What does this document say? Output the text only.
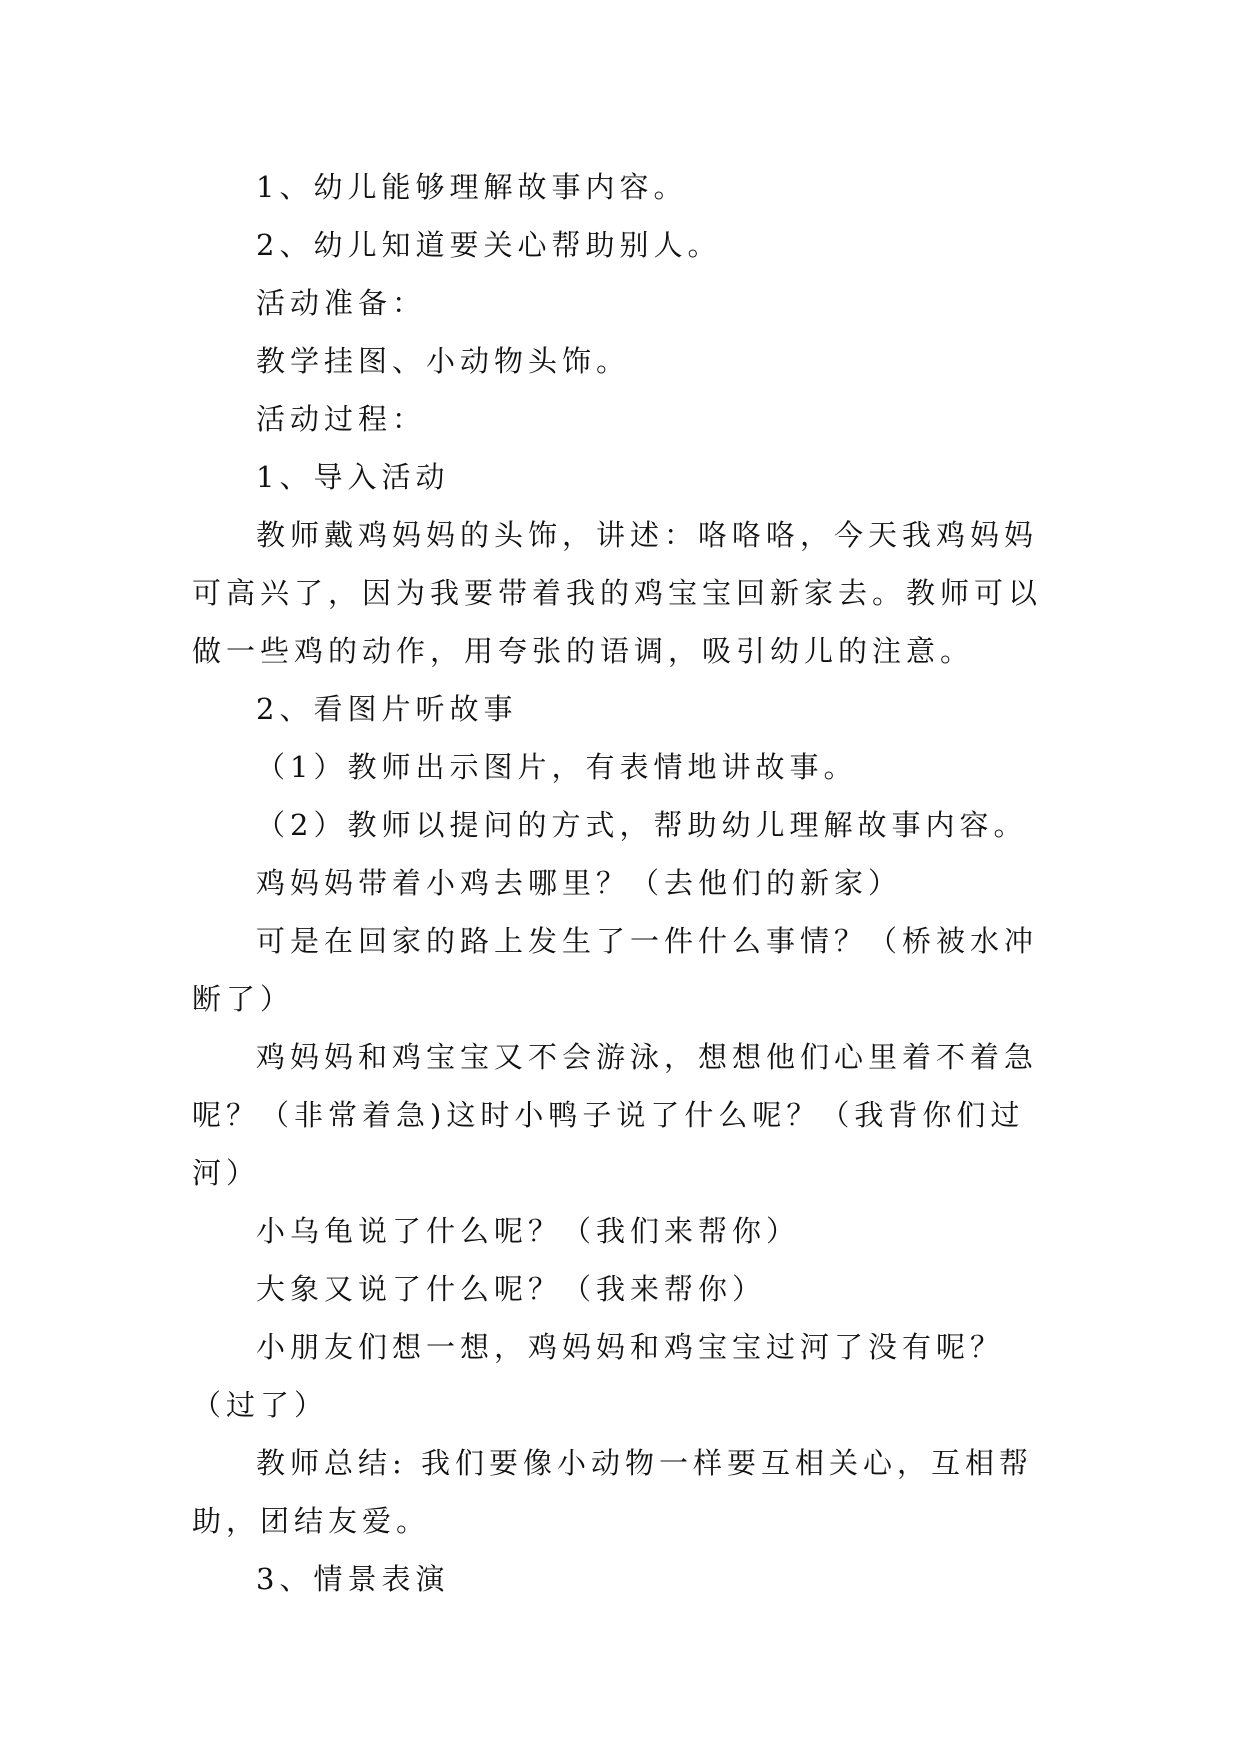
1、幼儿能够理解故事内容。

2、幼儿知道要关心帮助别人。

活动准备：

教学挂图、小动物头饰。

活动过程：

1、导入活动

教师戴鸡妈妈的头饰，讲述：咯咯咯，今天我鸡妈妈可高兴了，因为我要带着我的鸡宝宝回新家去。教师可以做一些鸡的动作，用夸张的语调，吸引幼儿的注意。

2、看图片听故事

（1）教师出示图片，有表情地讲故事。

（2）教师以提问的方式，帮助幼儿理解故事内容。

鸡妈妈带着小鸡去哪里？（去他们的新家）

可是在回家的路上发生了一件什么事情？（桥被水冲断了）

鸡妈妈和鸡宝宝又不会游泳，想想他们心里着不着急呢？（非常着急)这时小鸭子说了什么呢？（我背你们过河）

小乌龟说了什么呢？（我们来帮你）

大象又说了什么呢？（我来帮你）

小朋友们想一想，鸡妈妈和鸡宝宝过河了没有呢？（过了）

教师总结: 我们要像小动物一样要互相关心，互相帮助，团结友爱。

3、情景表演
